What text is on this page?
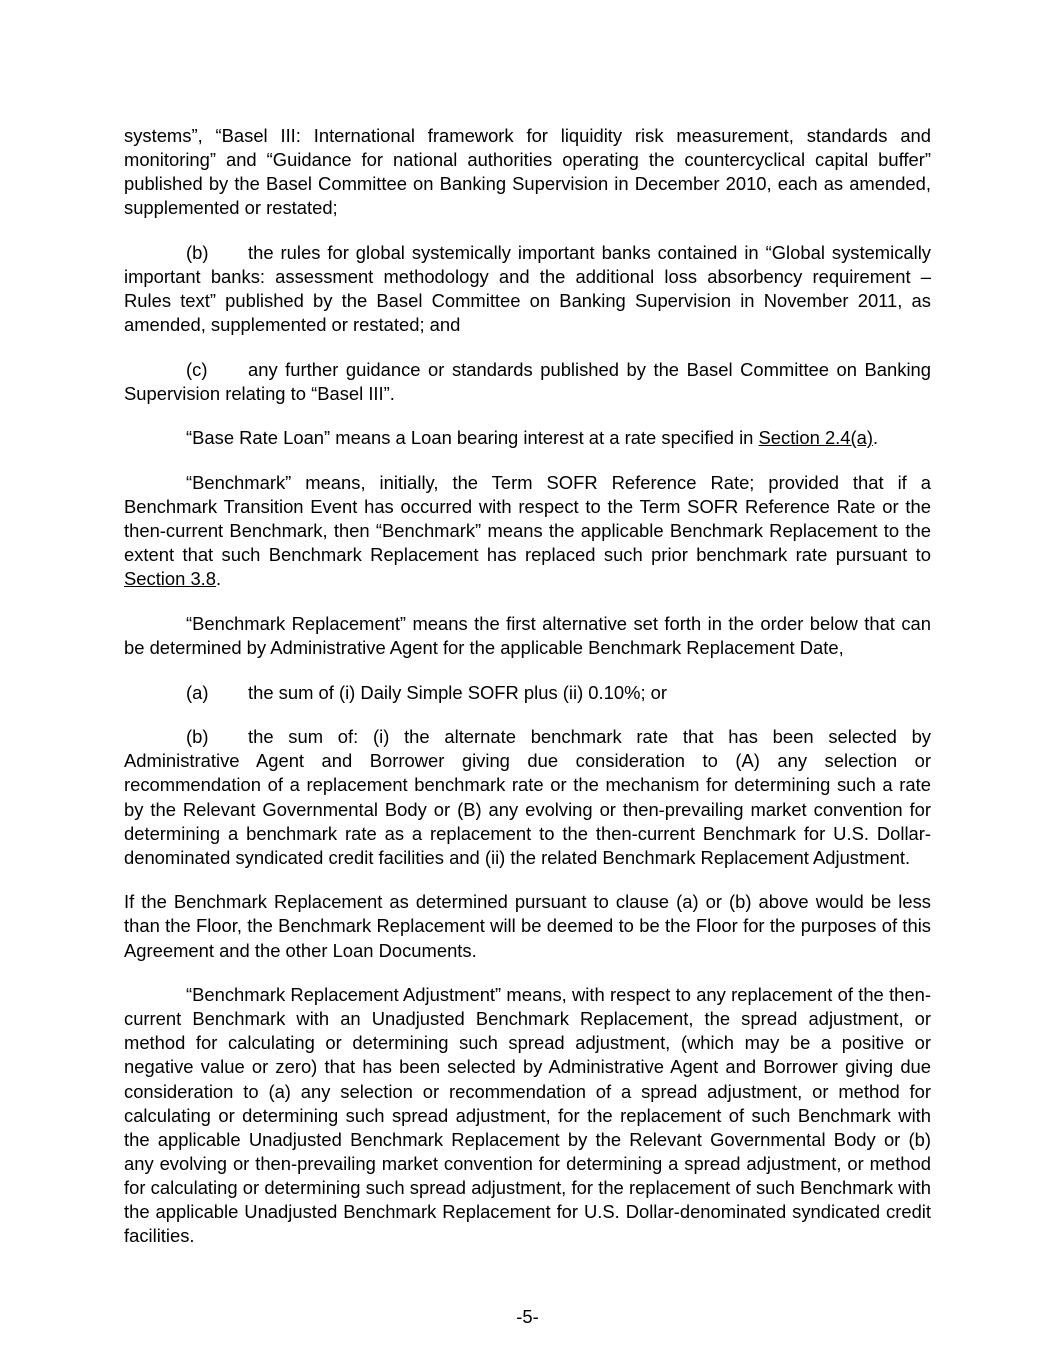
systems”, “Basel III: International framework for liquidity risk measurement, standards and monitoring” and “Guidance for national authorities operating the countercyclical capital buffer” published by the Basel Committee on Banking Supervision in December 2010, each as amended, supplemented or restated;

(b) the rules for global systemically important banks contained in “Global systemically important banks: assessment methodology and the additional loss absorbency requirement – Rules text” published by the Basel Committee on Banking Supervision in November 2011, as amended, supplemented or restated; and

(c) any further guidance or standards published by the Basel Committee on Banking Supervision relating to “Basel III”.

“Base Rate Loan” means a Loan bearing interest at a rate specified in Section 2.4(a).

“Benchmark” means, initially, the Term SOFR Reference Rate; provided that if a Benchmark Transition Event has occurred with respect to the Term SOFR Reference Rate or the then-current Benchmark, then “Benchmark” means the applicable Benchmark Replacement to the extent that such Benchmark Replacement has replaced such prior benchmark rate pursuant to Section 3.8.

“Benchmark Replacement” means the first alternative set forth in the order below that can be determined by Administrative Agent for the applicable Benchmark Replacement Date,

(a) the sum of (i) Daily Simple SOFR plus (ii) 0.10%; or

(b) the sum of: (i) the alternate benchmark rate that has been selected by Administrative Agent and Borrower giving due consideration to (A) any selection or recommendation of a replacement benchmark rate or the mechanism for determining such a rate by the Relevant Governmental Body or (B) any evolving or then-prevailing market convention for determining a benchmark rate as a replacement to the then-current Benchmark for U.S. Dollar-denominated syndicated credit facilities and (ii) the related Benchmark Replacement Adjustment.

If the Benchmark Replacement as determined pursuant to clause (a) or (b) above would be less than the Floor, the Benchmark Replacement will be deemed to be the Floor for the purposes of this Agreement and the other Loan Documents.

“Benchmark Replacement Adjustment” means, with respect to any replacement of the then-current Benchmark with an Unadjusted Benchmark Replacement, the spread adjustment, or method for calculating or determining such spread adjustment, (which may be a positive or negative value or zero) that has been selected by Administrative Agent and Borrower giving due consideration to (a) any selection or recommendation of a spread adjustment, or method for calculating or determining such spread adjustment, for the replacement of such Benchmark with the applicable Unadjusted Benchmark Replacement by the Relevant Governmental Body or (b) any evolving or then-prevailing market convention for determining a spread adjustment, or method for calculating or determining such spread adjustment, for the replacement of such Benchmark with the applicable Unadjusted Benchmark Replacement for U.S. Dollar-denominated syndicated credit facilities.

-5-
